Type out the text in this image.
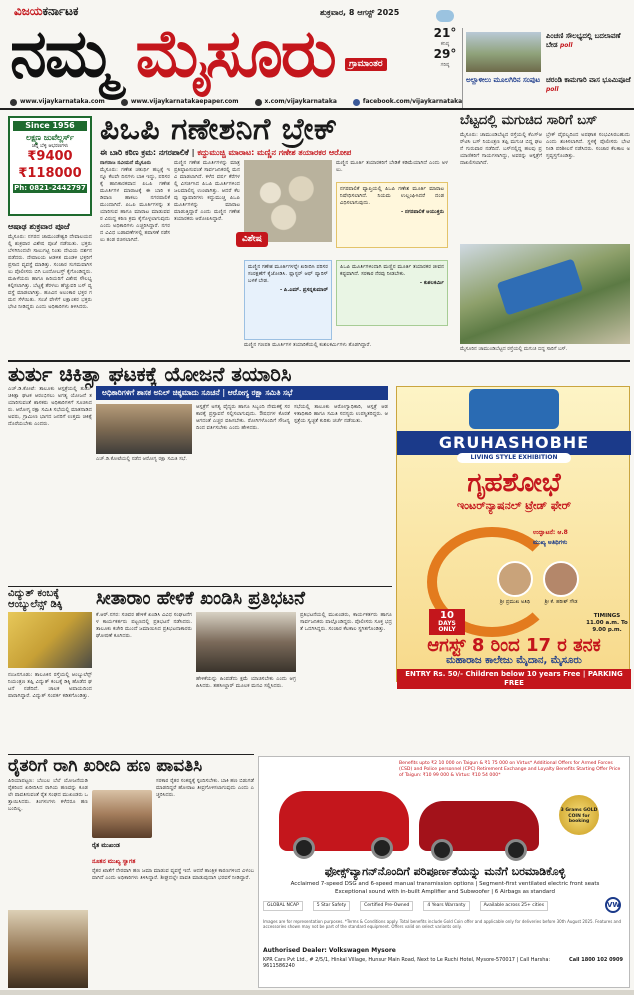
ವಿಜಯಕರ್ನಾಟಕ
ನಮ್ಮ ಮೈಸೂರು	ಗ್ರಾಮಾಂತರ
ಶುಕ್ರವಾರ, 8 ಆಗಸ್ಟ್ 2025
21°
ಕನಿಷ್ಠ
29°
ಗರಿಷ್ಠ
www.vijaykarnataka.com	www.vijaykarnatakaepaper.com	x.com/vijaykarnataka	facebook.com/vijaykarnataka
ಪಿಂಚಣಿ ಸೌಲಭ್ಯದಲ್ಲಿ ಬದಲಾವಣೆ ಬೇಡ poll
ಅಲ್ಲಾಳೀಲು ಮೂಲಗಿರಿನ ಸಂಪುಟ ಚರಂಡಿ ಕಾಮಗಾರಿ ವಾಸ ಭೂಮಿಪೂಜೆ poll
Since 1956
ಲಕ್ಷ್ಮಣ ಜುವೆಲ್ಲರ್ಸ್
ಚಿನ್ನ ಬೆಳ್ಳಿ ಆಭರಣಗಳು
₹9400
₹118000
Ph: 0821-2442797
ಆಷಾಢ ಶುಕ್ರವಾರ ಪೂಜೆ
ಮೈಸೂರು: ನಗರದ ಚಾಮುಂಡೇಶ್ವರಿ ದೇವಾಲಯದಲ್ಲಿ ಶುಕ್ರವಾರ ವಿಶೇಷ ಪೂಜೆ ನಡೆಯಿತು. ಭಕ್ತರು ಬೆಳಗಿನಿಂದಲೇ ಸಾಲುಗಟ್ಟಿ ನಿಂತು ದೇವಿಯ ದರ್ಶನ ಪಡೆದರು. ದೇವಾಲಯ ಆಡಳಿತ ಮಂಡಳಿ ಭಕ್ತರಿಗೆ ಪ್ರಸಾದ ವ್ಯವಸ್ಥೆ ಮಾಡಿತ್ತು. ಸಂಚಾರ ಸುಗಮವಾಗಿಸಲು ಪೊಲೀಸರು ಬಿಗಿ ಬಂದೋಬಸ್ತ್ ಕೈಗೊಂಡಿದ್ದರು. ಮಹಿಳೆಯರು ಹಾಗೂ ಹಿರಿಯರಿಗೆ ವಿಶೇಷ ಸೌಲಭ್ಯ ಕಲ್ಪಿಸಲಾಗಿತ್ತು. ಬೆಟ್ಟಕ್ಕೆ ತೆರಳಲು ಹೆಚ್ಚುವರಿ ಬಸ್ ವ್ಯವಸ್ಥೆ ಮಾಡಲಾಗಿತ್ತು. ಹೂವಿನ ಅಲಂಕಾರ ಭಕ್ತರ ಗಮನ ಸೆಳೆಯಿತು. ಸಂಜೆ ವೇಳೆಗೆ ಲಕ್ಷಾಂತರ ಭಕ್ತರು ಭೇಟಿ ನೀಡಿದ್ದರು ಎಂದು ಅಧಿಕಾರಿಗಳು ತಿಳಿಸಿದರು.
ಪಿಒಪಿ ಗಣೇಶನಿಗೆ ಬ್ರೇಕ್
ಈ ಬಾರಿ ಕಠಿಣ ಕ್ರಮ: ನಗರಪಾಲಿಕೆ | ಕದ್ದುಮುಚ್ಚಿ ಮಾರಾಟ: ಮಣ್ಣಿನ ಗಣೇಶ ತಯಾರಕರ ಆರೋಪ
ನಾಗರಾಜ ನವೀಮನೆ ಮೈಸೂರು
ಮೈಸೂರು: ಗಣೇಶ ಚತುರ್ಥಿ ಹಬ್ಬಕ್ಕೆ ಇನ್ನೂ ಕೆಲವೇ ದಿನಗಳು ಬಾಕಿ ಇದ್ದು, ಪರಿಸರಕ್ಕೆ ಹಾನಿಕಾರಕವಾದ ಪಿಒಪಿ ಗಣೇಶ ಮೂರ್ತಿಗಳ ಮಾರಾಟಕ್ಕೆ ಈ ಬಾರಿ ಕಡಿವಾಣ ಹಾಕಲು ನಗರಪಾಲಿಕೆ ಮುಂದಾಗಿದೆ. ಪಿಒಪಿ ಮೂರ್ತಿಗಳನ್ನು ತಯಾರಿಸುವ ಹಾಗೂ ಮಾರಾಟ ಮಾಡುವವರ ವಿರುದ್ಧ ಕಠಿಣ ಕ್ರಮ ಕೈಗೊಳ್ಳಲಾಗುವುದು ಎಂದು ಅಧಿಕಾರಿಗಳು ಎಚ್ಚರಿಸಿದ್ದಾರೆ. ನಗರದ ವಿವಿಧ ಬಡಾವಣೆಗಳಲ್ಲಿ ತಪಾಸಣೆ ನಡೆಸಲು ತಂಡ ರಚಿಸಲಾಗಿದೆ.
ಮಣ್ಣಿನ ಗಣೇಶ ಮೂರ್ತಿಗಳನ್ನು ಮಾತ್ರ ಪ್ರತಿಷ್ಠಾಪಿಸುವಂತೆ ಸಾರ್ವಜನಿಕರಲ್ಲಿ ಮನವಿ ಮಾಡಲಾಗಿದೆ. ಕಳೆದ ವರ್ಷ ಕೆರೆಗಳಲ್ಲಿ ವಿಸರ್ಜಿಸಿದ ಪಿಒಪಿ ಮೂರ್ತಿಗಳಿಂದ ಜಲಮಾಲಿನ್ಯ ಉಂಟಾಗಿತ್ತು. ಆದರೆ ಕೆಲವು ವ್ಯಾಪಾರಿಗಳು ಕದ್ದುಮುಚ್ಚಿ ಪಿಒಪಿ ಮೂರ್ತಿಗಳನ್ನು ಮಾರಾಟ ಮಾಡುತ್ತಿದ್ದಾರೆ ಎಂದು ಮಣ್ಣಿನ ಗಣೇಶ ತಯಾರಕರು ಆರೋಪಿಸಿದ್ದಾರೆ.
ವಿಶೇಷ
ಮಣ್ಣಿನ ಮೂರ್ತಿ ತಯಾರಕರಿಗೆ ಬೇಡಿಕೆ ಕಡಿಮೆಯಾಗಿದೆ ಎಂದು ಅಳಲು.
ನಗರಪಾಲಿಕೆ ವ್ಯಾಪ್ತಿಯಲ್ಲಿ ಪಿಒಪಿ ಗಣೇಶ ಮೂರ್ತಿ ಮಾರಾಟ ನಿಷೇಧಿಸಲಾಗಿದೆ. ನಿಯಮ ಉಲ್ಲಂಘಿಸಿದರೆ ದಂಡ ವಿಧಿಸಲಾಗುವುದು.
- ನಗರಪಾಲಿಕೆ ಆಯುಕ್ತರು
ಮಣ್ಣಿನ ಗಣೇಶ ಮೂರ್ತಿಗಳನ್ನೇ ಖರೀದಿಸಿ ಪರಿಸರ ಸಂರಕ್ಷಣೆಗೆ ಕೈಜೋಡಿಸಿ. ಪ್ಲಾಸ್ಟರ್ ಆಫ್ ಪ್ಯಾರಿಸ್ ಬಳಕೆ ಬೇಡ.
- ಪಿ.ಎಮ್. ಪ್ರಸನ್ನಕುಮಾರ್
ಪಿಒಪಿ ಮೂರ್ತಿಗಳಿಂದಾಗಿ ಮಣ್ಣಿನ ಮೂರ್ತಿ ತಯಾರಕರ ಜೀವನ ಕಷ್ಟವಾಗಿದೆ. ಸರಕಾರ ನೆರವು ನೀಡಬೇಕು.
- ಕುಶಲಕರ್ಮಿ
ಮಣ್ಣಿನ ಗಣಪತಿ ಮೂರ್ತಿಗಳ ತಯಾರಿಕೆಯಲ್ಲಿ ಕುಶಲಕರ್ಮಿಗಳು ತೊಡಗಿದ್ದಾರೆ.
ಬೆಟ್ಟದಲ್ಲಿ ಮಗುಚಿದ ಸಾರಿಗೆ ಬಸ್
ಮೈಸೂರು: ಚಾಮುಂಡಿಬೆಟ್ಟದ ರಸ್ತೆಯಲ್ಲಿ ಕೆಎಸ್ಆರ್‌ಟಿಸಿ ಬಸ್ ನಿಯಂತ್ರಣ ತಪ್ಪಿ ಮಗುಚಿ ಬಿದ್ದ ಘಟನೆ ಗುರುವಾರ ನಡೆದಿದೆ. ಬಸ್‌ನಲ್ಲಿದ್ದ ಹಲವು ಪ್ರಯಾಣಿಕರಿಗೆ ಗಾಯಗಳಾಗಿದ್ದು, ಅವರನ್ನು ಆಸ್ಪತ್ರೆಗೆ ದಾಖಲಿಸಲಾಗಿದೆ.
ಬ್ರೇಕ್ ವೈಫಲ್ಯದಿಂದ ಅಪಘಾತ ಸಂಭವಿಸಿರಬಹುದು ಎಂದು ಶಂಕಿಸಲಾಗಿದೆ. ಸ್ಥಳಕ್ಕೆ ಪೊಲೀಸರು ಭೇಟಿ ನೀಡಿ ಪರಿಶೀಲನೆ ನಡೆಸಿದರು. ಸಂಚಾರ ಕೆಲಕಾಲ ಅಸ್ತವ್ಯಸ್ತಗೊಂಡಿತ್ತು.
ಮೈಸೂರಿನ ಚಾಮುಂಡಿಬೆಟ್ಟದ ರಸ್ತೆಯಲ್ಲಿ ಮಗುಚಿ ಬಿದ್ದ ಸಾರಿಗೆ ಬಸ್.
ತುರ್ತು ಚಿಕಿತ್ಸಾ ಘಟಕಕ್ಕೆ ಯೋಜನೆ ತಯಾರಿಸಿ
ಅಧಿಕಾರಿಗಳಿಗೆ ಶಾಸಕ ಅನಿಲ್ ಚಿಕ್ಕಮಾದು ಸೂಚನೆ | ಆರೋಗ್ಯ ರಕ್ಷಾ ಸಮಿತಿ ಸಭೆ
ಎಚ್.ಡಿ.ಕೋಟೆ: ತಾಲೂಕು ಆಸ್ಪತ್ರೆಯಲ್ಲಿ ತುರ್ತು ಚಿಕಿತ್ಸಾ ಘಟಕ ಆರಂಭಿಸಲು ಅಗತ್ಯ ಯೋಜನೆ ತಯಾರಿಸುವಂತೆ ಶಾಸಕರು ಅಧಿಕಾರಿಗಳಿಗೆ ಸೂಚಿಸಿದರು. ಆರೋಗ್ಯ ರಕ್ಷಾ ಸಮಿತಿ ಸಭೆಯಲ್ಲಿ ಮಾತನಾಡಿದ ಅವರು, ಗ್ರಾಮೀಣ ಭಾಗದ ಜನರಿಗೆ ಉತ್ತಮ ಚಿಕಿತ್ಸೆ ದೊರೆಯಬೇಕು ಎಂದರು.
ಎಚ್.ಡಿ.ಕೋಟೆಯಲ್ಲಿ ನಡೆದ ಆರೋಗ್ಯ ರಕ್ಷಾ ಸಮಿತಿ ಸಭೆ.
ಆಸ್ಪತ್ರೆಗೆ ಅಗತ್ಯ ವೈದ್ಯರು ಹಾಗೂ ಸಿಬ್ಬಂದಿ ನೇಮಕಕ್ಕೆ ಸರಕಾರಕ್ಕೆ ಪ್ರಸ್ತಾವನೆ ಸಲ್ಲಿಸಲಾಗುವುದು. ಔಷಧಗಳ ಕೊರತೆ ಆಗದಂತೆ ಎಚ್ಚರ ವಹಿಸಬೇಕು. ರೋಗಿಗಳೊಂದಿಗೆ ಸೌಜನ್ಯದಿಂದ ವರ್ತಿಸಬೇಕು ಎಂದು ಹೇಳಿದರು.
ಸಭೆಯಲ್ಲಿ ತಾಲೂಕು ಆರೋಗ್ಯಾಧಿಕಾರಿ, ಆಸ್ಪತ್ರೆ ಆಡಳಿತಾಧಿಕಾರಿ ಹಾಗೂ ಸಮಿತಿ ಸದಸ್ಯರು ಉಪಸ್ಥಿತರಿದ್ದರು. ಆಸ್ಪತ್ರೆಯ ಸ್ವಚ್ಛತೆ ಕುರಿತು ಚರ್ಚೆ ನಡೆಯಿತು.
GRUHASHOBHE
LIVING STYLE EXHIBITION
ಗೃಹಶೋಭೆ
ಇಂಟರ್‌ನ್ಯಾಷನಲ್ ಟ್ರೇಡ್ ಫೇರ್
ಉದ್ಘಾಟನೆ: ಆ.8
ಮುಖ್ಯ ಅತಿಥಿಗಳು
ಶ್ರೀ ಪ್ರಮುಖ ಅತಿಥಿ	ಶ್ರೀ ಕೆ. ಹರೀಶ್ ಗೌಡ
10
DAYS ONLY
TIMINGS 11.00 a.m. To 9.00 p.m.
ಆಗಸ್ಟ್ 8 ರಿಂದ 17 ರ ತನಕ
ಮಹಾರಾಜ ಕಾಲೇಜು ಮೈದಾನ, ಮೈಸೂರು
ENTRY Rs. 50/- Children below 10 years Free | PARKING FREE
ವಿದ್ಯುತ್ ಕಂಬಕ್ಕೆ ಆಂಬ್ಯುಲೆನ್ಸ್ ಡಿಕ್ಕಿ
ನಂಜನಗೂಡು: ತಾಲೂಕಿನ ರಸ್ತೆಯಲ್ಲಿ ಆಂಬ್ಯುಲೆನ್ಸ್ ನಿಯಂತ್ರಣ ತಪ್ಪಿ ವಿದ್ಯುತ್ ಕಂಬಕ್ಕೆ ಡಿಕ್ಕಿ ಹೊಡೆದ ಘಟನೆ ನಡೆದಿದೆ. ಚಾಲಕ ಅಪಾಯದಿಂದ ಪಾರಾಗಿದ್ದಾರೆ. ವಿದ್ಯುತ್ ಸಂಪರ್ಕ ಕಡಿತಗೊಂಡಿತ್ತು.
ಸೀತಾರಾಂ ಹೇಳಿಕೆ ಖಂಡಿಸಿ ಪ್ರತಿಭಟನೆ
ಕೆ.ಆರ್.ನಗರ: ಸಚಿವರ ಹೇಳಿಕೆ ಖಂಡಿಸಿ ವಿವಿಧ ಸಂಘಟನೆಗಳ ಕಾರ್ಯಕರ್ತರು ಪಟ್ಟಣದಲ್ಲಿ ಪ್ರತಿಭಟನೆ ನಡೆಸಿದರು. ತಾಲೂಕು ಕಚೇರಿ ಮುಂದೆ ಜಮಾಯಿಸಿದ ಪ್ರತಿಭಟನಾಕಾರರು ಘೋಷಣೆ ಕೂಗಿದರು.
ಹೇಳಿಕೆಯನ್ನು ಹಿಂಪಡೆದು ಕ್ಷಮೆ ಯಾಚಿಸಬೇಕು ಎಂದು ಆಗ್ರಹಿಸಿದರು. ತಹಸೀಲ್ದಾರ್ ಮೂಲಕ ಮನವಿ ಸಲ್ಲಿಸಿದರು.
ಪ್ರತಿಭಟನೆಯಲ್ಲಿ ಮುಖಂಡರು, ಕಾರ್ಯಕರ್ತರು ಹಾಗೂ ಸಾರ್ವಜನಿಕರು ಪಾಲ್ಗೊಂಡಿದ್ದರು. ಪೊಲೀಸರು ಸೂಕ್ತ ಭದ್ರತೆ ಒದಗಿಸಿದ್ದರು. ಸಂಚಾರ ಕೆಲಕಾಲ ಸ್ಥಗಿತಗೊಂಡಿತ್ತು.
ರೈತರಿಗೆ ರಾಗಿ ಖರೀದಿ ಹಣ ಪಾವತಿಸಿ
ಪಿರಿಯಾಪಟ್ಟಣ: ಬೆಂಬಲ ಬೆಲೆ ಯೋಜನೆಯಡಿ ರೈತರಿಂದ ಖರೀದಿಸಿದ ರಾಗಿಯ ಹಣವನ್ನು ಕೂಡಲೇ ಪಾವತಿಸುವಂತೆ ರೈತ ಸಂಘದ ಮುಖಂಡರು ಒತ್ತಾಯಿಸಿದರು. ತಿಂಗಳುಗಳು ಕಳೆದರೂ ಹಣ ಬಂದಿಲ್ಲ.
ರೈತ ಮುಖಂಡ
ಸರಕಾರ ರೈತರ ಸಂಕಷ್ಟಕ್ಕೆ ಸ್ಪಂದಿಸಬೇಕು. ಬಾಕಿ ಹಣ ಬಿಡುಗಡೆ ಮಾಡದಿದ್ದರೆ ಹೋರಾಟ ತೀವ್ರಗೊಳಿಸಲಾಗುವುದು ಎಂದು ಎಚ್ಚರಿಸಿದರು.
ನೂತನ ಮುಖ್ಯ ಸ್ವಾಗತ
ರೈತರ ಖಾತೆಗೆ ನೇರವಾಗಿ ಹಣ ಜಮಾ ಮಾಡುವ ವ್ಯವಸ್ಥೆ ಇದೆ. ಆದರೆ ತಾಂತ್ರಿಕ ಕಾರಣಗಳಿಂದ ವಿಳಂಬವಾಗಿದೆ ಎಂದು ಅಧಿಕಾರಿಗಳು ತಿಳಿಸಿದ್ದಾರೆ. ಶೀಘ್ರದಲ್ಲೇ ಪಾವತಿ ಮಾಡುವುದಾಗಿ ಭರವಸೆ ನೀಡಿದ್ದಾರೆ.
Benefits upto ₹2 10 000 on Taigun & ₹1 75 000 on Virtus* Additional Offers for Armed Forces (CSD) and Police personnel (CPC) Retirement Exchange and Loyalty Benefits Starting Offer Price of Taigun: ₹10 99 000 & Virtus: ₹10 54 000*
3 Grams GOLD COIN for booking
ಫೋಕ್ಸ್‌ವ್ಯಾಗನ್‌ನೊಂದಿಗೆ ಪರಿಪೂರ್ಣತೆಯನ್ನು ಮನೆಗೆ ಬರಮಾಡಿಕೊಳ್ಳಿ
Acclaimed 7-speed DSG and 6-speed manual transmission options | Segment-first ventilated electric front seats
Exceptional sound with in-built Amplifier and Subwoofer | 6 Airbags as standard
GLOBAL NCAP	5 Star Safety	Certified Pre-Owned	4 Years Warranty	Available across 25+ cities	VW
Images are for representation purposes. *Terms & Conditions apply. Total benefits include Gold Coin offer and applicable only for deliveries before 30th August 2025. Features and accessories shown may not be part of the standard equipment. Offers valid on select variants only.
Authorised Dealer: Volkswagen Mysore
KPR Cars Pvt Ltd., # 2/5/1, Hinkal Village, Hunsur Main Road, Next to Le Ruchi Hotel, Mysore-570017 | Call Harsha: 9611586240
Call 1800 102 0909
